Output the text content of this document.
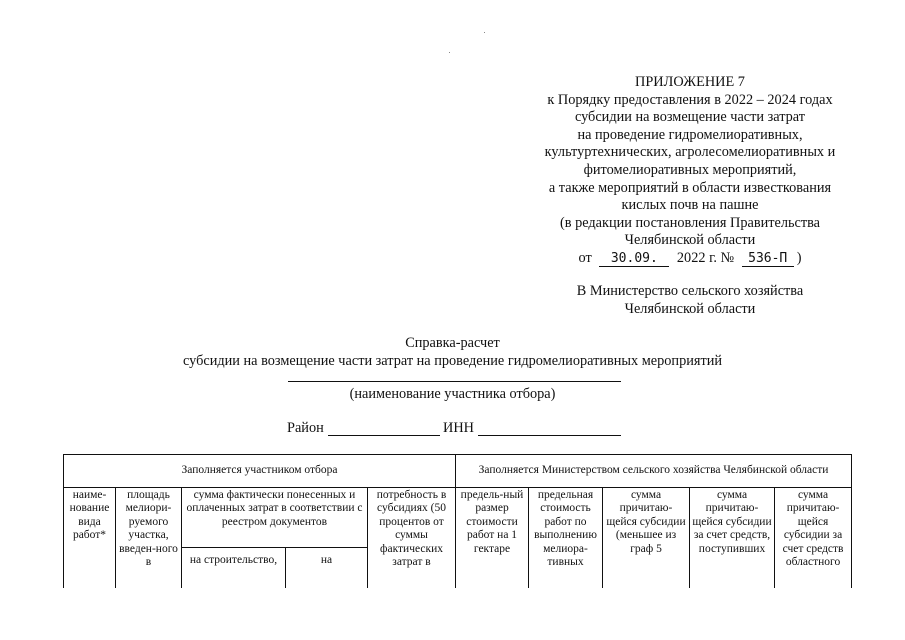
ПРИЛОЖЕНИЕ 7
к Порядку предоставления в 2022 – 2024 годах
субсидии на возмещение части затрат
на проведение гидромелиоративных,
культуртехнических, агролесомелиоративных и
фитомелиоративных мероприятий,
а также мероприятий в области известкования
кислых почв на пашне
(в редакции постановления Правительства
Челябинской области
от 30.09. 2022 г. № 536-П )
В Министерство сельского хозяйства
Челябинской области
Справка-расчет
субсидии на возмещение части затрат на проведение гидромелиоративных мероприятий
(наименование участника отбора)
Район	ИНН
Заполняется участником отбора					Заполняется Министерством сельского хозяйства Челябинской области				
наиме-нование вида работ*	площадь мелиори-руемого участка, введен-ного в	сумма фактически понесенных и оплаченных затрат в соответствии с реестром документов		потребность в субсидиях (50 процентов от суммы фактических затрат в	предель-ный размер стоимости работ на 1 гектаре	предельная стоимость работ по выполнению мелиора-тивных	сумма причитаю-щейся субсидии (меньшее из граф 5	сумма причитаю-щейся субсидии за счет средств, поступивших	сумма причитаю-щейся субсидии за счет средств областного
		на строительство,	на						
